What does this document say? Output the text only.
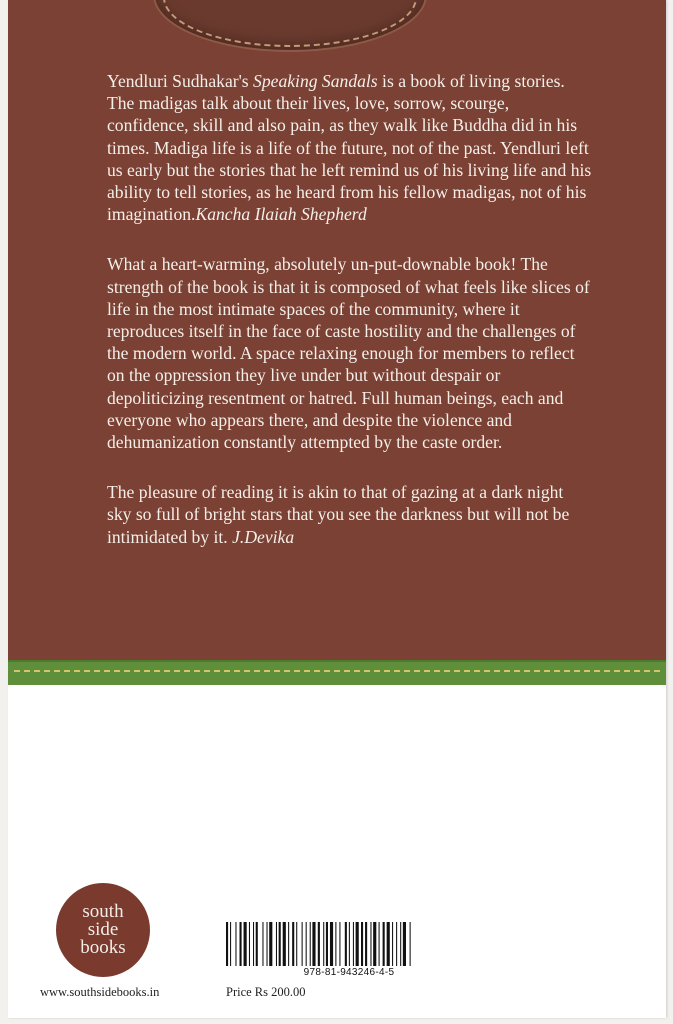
Yendluri Sudhakar's Speaking Sandals is a book of living stories. The madigas talk about their lives, love, sorrow, scourge, confidence, skill and also pain, as they walk like Buddha did in his times. Madiga life is a life of the future, not of the past. Yendluri left us early but the stories that he left remind us of his living life and his ability to tell stories, as he heard from his fellow madigas, not of his imagination.Kancha Ilaiah Shepherd

What a heart-warming, absolutely un-put-downable book! The strength of the book is that it is composed of what feels like slices of life in the most intimate spaces of the community, where it reproduces itself in the face of caste hostility and the challenges of the modern world. A space relaxing enough for members to reflect on the oppression they live under but without despair or depoliticizing resentment or hatred. Full human beings, each and everyone who appears there, and despite the violence and dehumanization constantly attempted by the caste order.

The pleasure of reading it is akin to that of gazing at a dark night sky so full of bright stars that you see the darkness but will not be intimidated by it. J.Devika

south
side
books
www.southsidebooks.in
978-81-943246-4-5
Price Rs 200.00
